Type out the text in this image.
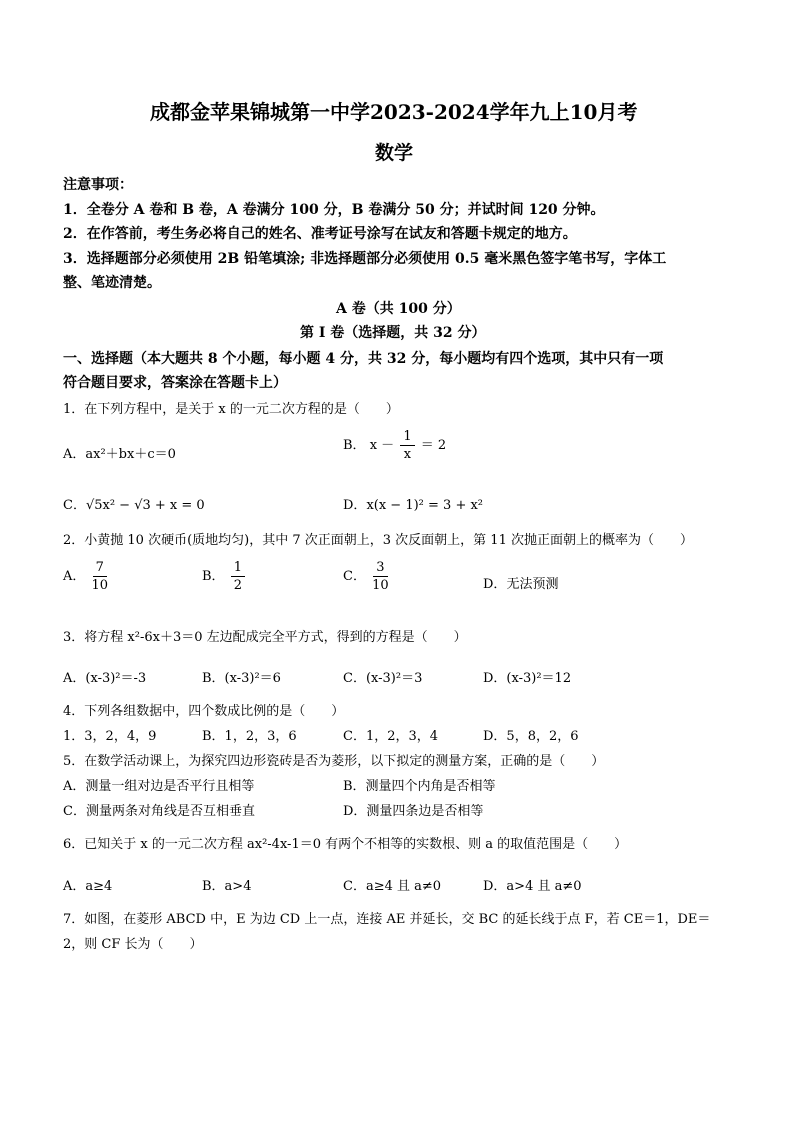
成都金苹果锦城第一中学2023-2024学年九上10月考
数学
注意事项：
1．全卷分 A 卷和 B 卷，A 卷满分 100 分，B 卷满分 50 分；并试时间 120 分钟。
2．在作答前，考生务必将自己的姓名、准考证号涂写在试友和答题卡规定的地方。
3．选择题部分必须使用 2B 铅笔填涂; 非选择题部分必须使用 0.5 毫米黑色签字笔书写，字体工
整、笔迹清楚。
A 卷（共 100 分）
第 I 卷（选择题，共 32 分）
一、选择题（本大题共 8 个小题，每小题 4 分，共 32 分，每小题均有四个选项，其中只有一项
符合题目要求，答案涂在答题卡上）
1．在下列方程中，是关于 x 的一元二次方程的是（　　）
A．ax²＋bx＋c＝0
B． $x - \frac{1}{x} = 2$
C．√5x² − √3 + x = 0	D．x(x − 1)² = 3 + x²
2．小黄抛 10 次硬币(质地均匀)，其中 7 次正面朝上，3 次反面朝上，第 11 次抛正面朝上的概率为（　　）
A． $\frac{7}{10}$	B． $\frac{1}{2}$	C． $\frac{3}{10}$	D．无法预测
3．将方程 x²-6x＋3＝0 左边配成完全平方式，得到的方程是（　　）
A．(x-3)²＝-3	B．(x-3)²＝6	C．(x-3)²＝3	D．(x-3)²＝12
4．下列各组数据中，四个数成比例的是（　　）
1．3，2，4，9	B．1，2，3，6	C．1，2，3，4	D．5，8，2，6
5．在数学活动课上，为探究四边形瓷砖是否为菱形，以下拟定的测量方案，正确的是（　　）
A．测量一组对边是否平行且相等	B．测量四个内角是否相等
C．测量两条对角线是否互相垂直	D．测量四条边是否相等
6．已知关于 x 的一元二次方程 ax²-4x-1＝0 有两个不相等的实数根、则 a 的取值范围是（　　）
A．a≥4	B．a>4	C．a≥4 且 a≠0	D．a>4 且 a≠0
7．如图，在菱形 ABCD 中，E 为边 CD 上一点，连接 AE 并延长，交 BC 的延长线于点 F，若 CE＝1，DE＝
2，则 CF 长为（　　）
